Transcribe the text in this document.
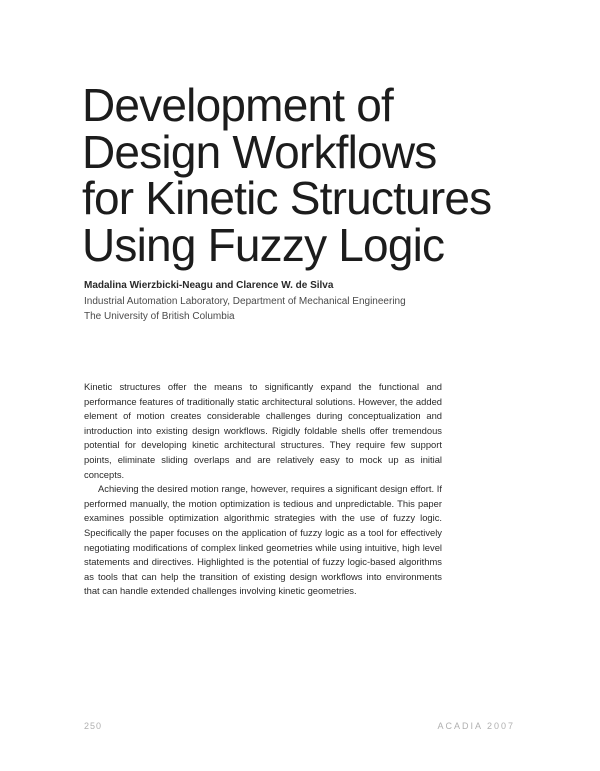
Development of
Design Workflows
for Kinetic Structures
Using Fuzzy Logic

Madalina Wierzbicki-Neagu and Clarence W. de Silva

Industrial Automation Laboratory, Department of Mechanical Engineering

The University of British Columbia

Kinetic structures offer the means to significantly expand the functional and performance features of traditionally static architectural solutions. However, the added element of motion creates considerable challenges during conceptualization and introduction into existing design workflows. Rigidly foldable shells offer tremendous potential for developing kinetic architectural structures. They require few support points, eliminate sliding overlaps and are relatively easy to mock up as initial concepts.

Achieving the desired motion range, however, requires a significant design effort. If performed manually, the motion optimization is tedious and unpredictable. This paper examines possible optimization algorithmic strategies with the use of fuzzy logic. Specifically the paper focuses on the application of fuzzy logic as a tool for effectively negotiating modifications of complex linked geometries while using intuitive, high level statements and directives. Highlighted is the potential of fuzzy logic-based algorithms as tools that can help the transition of existing design workflows into environments that can handle extended challenges involving kinetic geometries.

250	ACADIA 2007
